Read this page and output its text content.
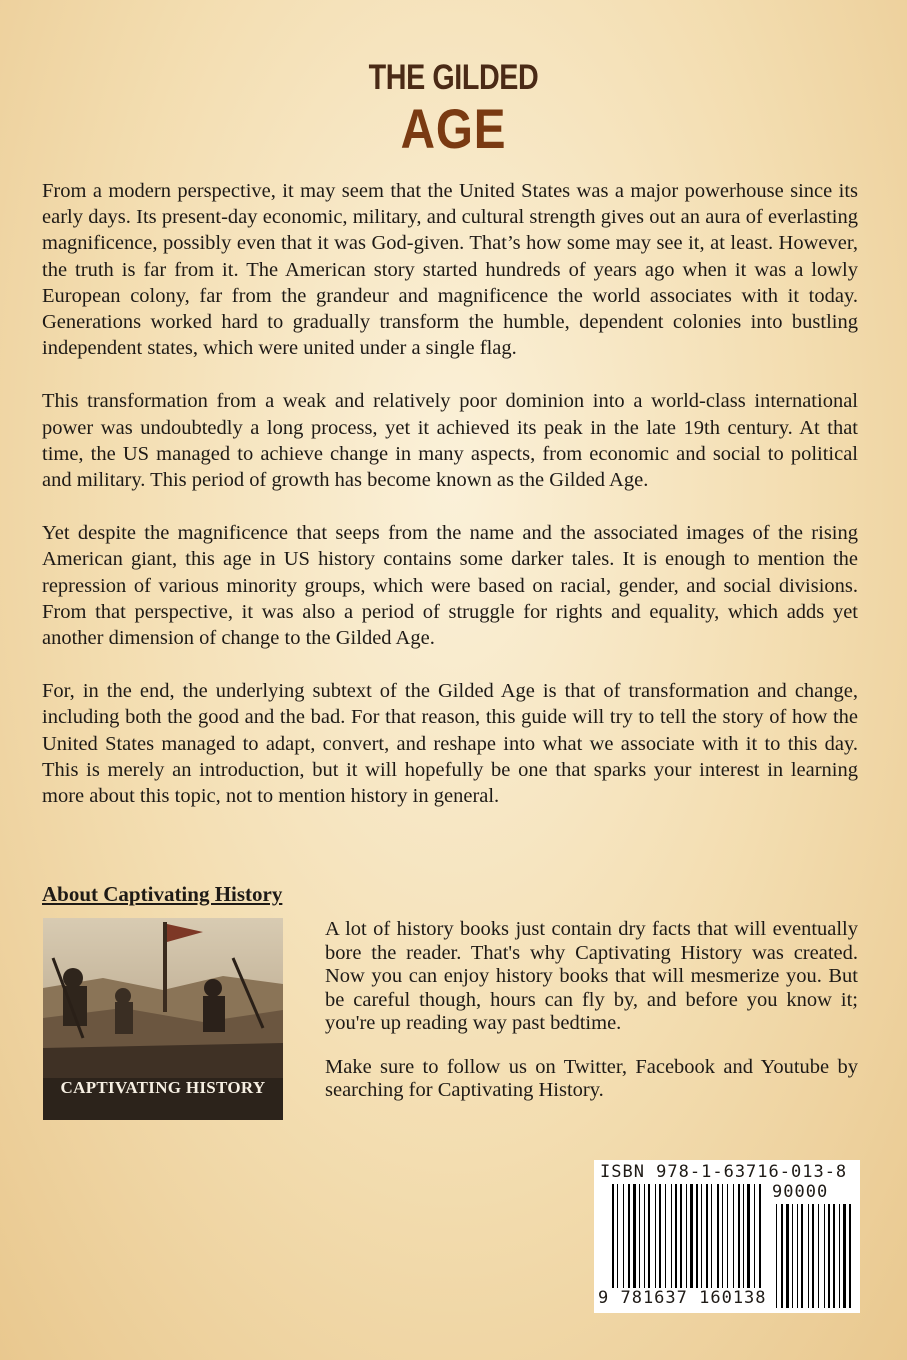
THE GILDED
AGE

From a modern perspective, it may seem that the United States was a major powerhouse since its early days. Its present-day economic, military, and cultural strength gives out an aura of everlasting magnificence, possibly even that it was God-given. That’s how some may see it, at least. However, the truth is far from it. The American story started hundreds of years ago when it was a lowly European colony, far from the grandeur and magnificence the world associates with it today. Generations worked hard to gradually transform the humble, dependent colonies into bustling independent states, which were united under a single flag.

This transformation from a weak and relatively poor dominion into a world-class international power was undoubtedly a long process, yet it achieved its peak in the late 19th century. At that time, the US managed to achieve change in many aspects, from economic and social to political and military. This period of growth has become known as the Gilded Age.

Yet despite the magnificence that seeps from the name and the associated images of the rising American giant, this age in US history contains some darker tales. It is enough to mention the repression of various minority groups, which were based on racial, gender, and social divisions. From that perspective, it was also a period of struggle for rights and equality, which adds yet another dimension of change to the Gilded Age.

For, in the end, the underlying subtext of the Gilded Age is that of transformation and change, including both the good and the bad. For that reason, this guide will try to tell the story of how the United States managed to adapt, convert, and reshape into what we associate with it to this day. This is merely an introduction, but it will hopefully be one that sparks your interest in learning more about this topic, not to mention history in general.

About Captivating History
CAPTIVATING HISTORY

A lot of history books just contain dry facts that will eventually bore the reader. That's why Captivating History was created. Now you can enjoy history books that will mesmerize you. But be careful though, hours can fly by, and before you know it; you're up reading way past bedtime.

Make sure to follow us on Twitter, Facebook and Youtube by searching for Captivating History.

ISBN 978-1-63716-013-8
90000
9 781637 160138
